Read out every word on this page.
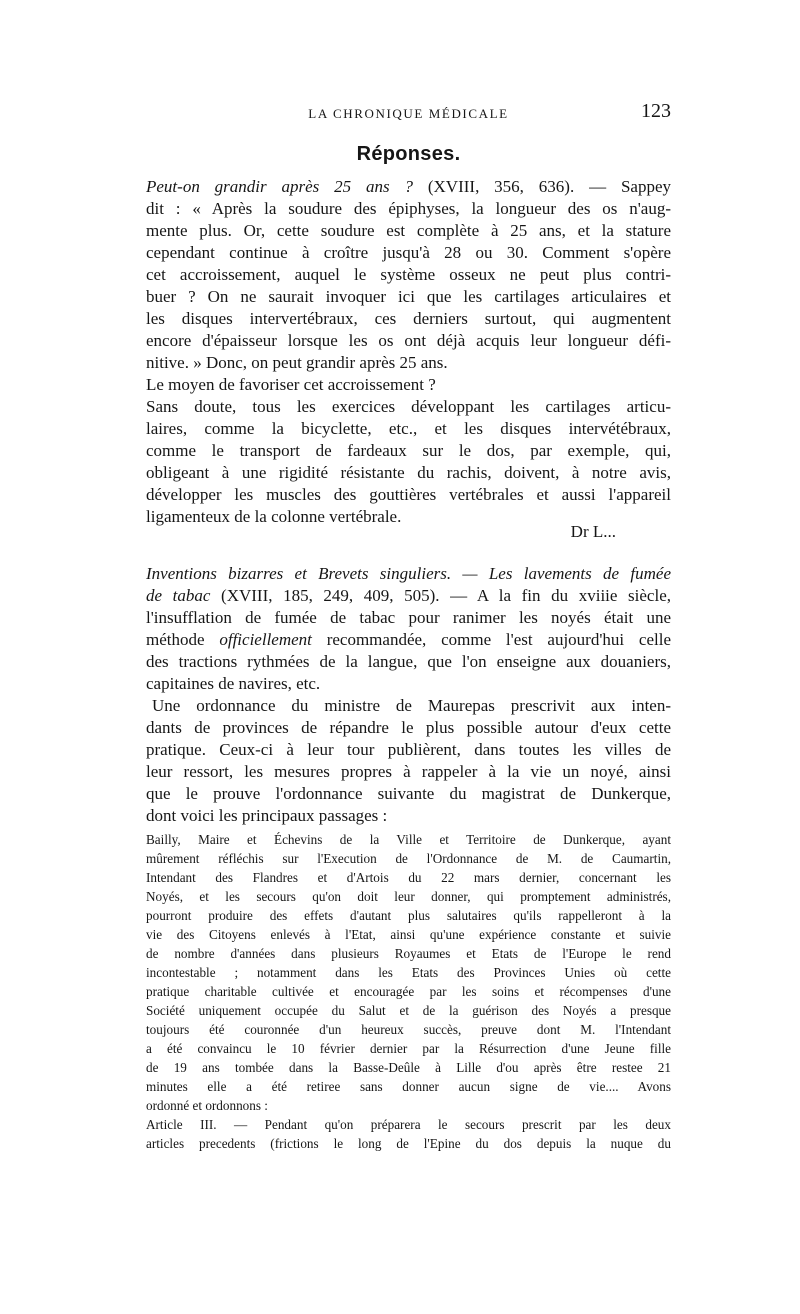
LA CHRONIQUE MÉDICALE	123
Réponses.
Peut-on grandir après 25 ans ? (XVIII, 356, 636). — Sappey
dit : « Après la soudure des épiphyses, la longueur des os n'aug-
mente plus. Or, cette soudure est complète à 25 ans, et la stature
cependant continue à croître jusqu'à 28 ou 30. Comment s'opère
cet accroissement, auquel le système osseux ne peut plus contri-
buer ? On ne saurait invoquer ici que les cartilages articulaires et
les disques intervertébraux, ces derniers surtout, qui augmentent
encore d'épaisseur lorsque les os ont déjà acquis leur longueur défi-
nitive. » Donc, on peut grandir après 25 ans.
Le moyen de favoriser cet accroissement ?
Sans doute, tous les exercices développant les cartilages articu-
laires, comme la bicyclette, etc., et les disques intervétébraux,
comme le transport de fardeaux sur le dos, par exemple, qui,
obligeant à une rigidité résistante du rachis, doivent, à notre avis,
développer les muscles des gouttières vertébrales et aussi l'appareil
ligamenteux de la colonne vertébrale.
Dr L...
Inventions bizarres et Brevets singuliers. — Les lavements de fumée
de tabac (XVIII, 185, 249, 409, 505). — A la fin du xviiie siècle,
l'insufflation de fumée de tabac pour ranimer les noyés était une
méthode officiellement recommandée, comme l'est aujourd'hui celle
des tractions rythmées de la langue, que l'on enseigne aux douaniers,
capitaines de navires, etc.
Une ordonnance du ministre de Maurepas prescrivit aux inten-
dants de provinces de répandre le plus possible autour d'eux cette
pratique. Ceux-ci à leur tour publièrent, dans toutes les villes de
leur ressort, les mesures propres à rappeler à la vie un noyé, ainsi
que le prouve l'ordonnance suivante du magistrat de Dunkerque,
dont voici les principaux passages :
Bailly, Maire et Échevins de la Ville et Territoire de Dunkerque, ayant
mûrement réfléchis sur l'Execution de l'Ordonnance de M. de Caumartin,
Intendant des Flandres et d'Artois du 22 mars dernier, concernant les
Noyés, et les secours qu'on doit leur donner, qui promptement administrés,
pourront produire des effets d'autant plus salutaires qu'ils rappelleront à la
vie des Citoyens enlevés à l'Etat, ainsi qu'une expérience constante et suivie
de nombre d'années dans plusieurs Royaumes et Etats de l'Europe le rend
incontestable ; notamment dans les Etats des Provinces Unies où cette
pratique charitable cultivée et encouragée par les soins et récompenses d'une
Société uniquement occupée du Salut et de la guérison des Noyés a presque
toujours été couronnée d'un heureux succès, preuve dont M. l'Intendant
a été convaincu le 10 février dernier par la Résurrection d'une Jeune fille
de 19 ans tombée dans la Basse-Deûle à Lille d'ou après être restee 21
minutes elle a été retiree sans donner aucun signe de vie.... Avons
ordonné et ordonnons :
Article III. — Pendant qu'on préparera le secours prescrit par les deux
articles precedents (frictions le long de l'Epine du dos depuis la nuque du
